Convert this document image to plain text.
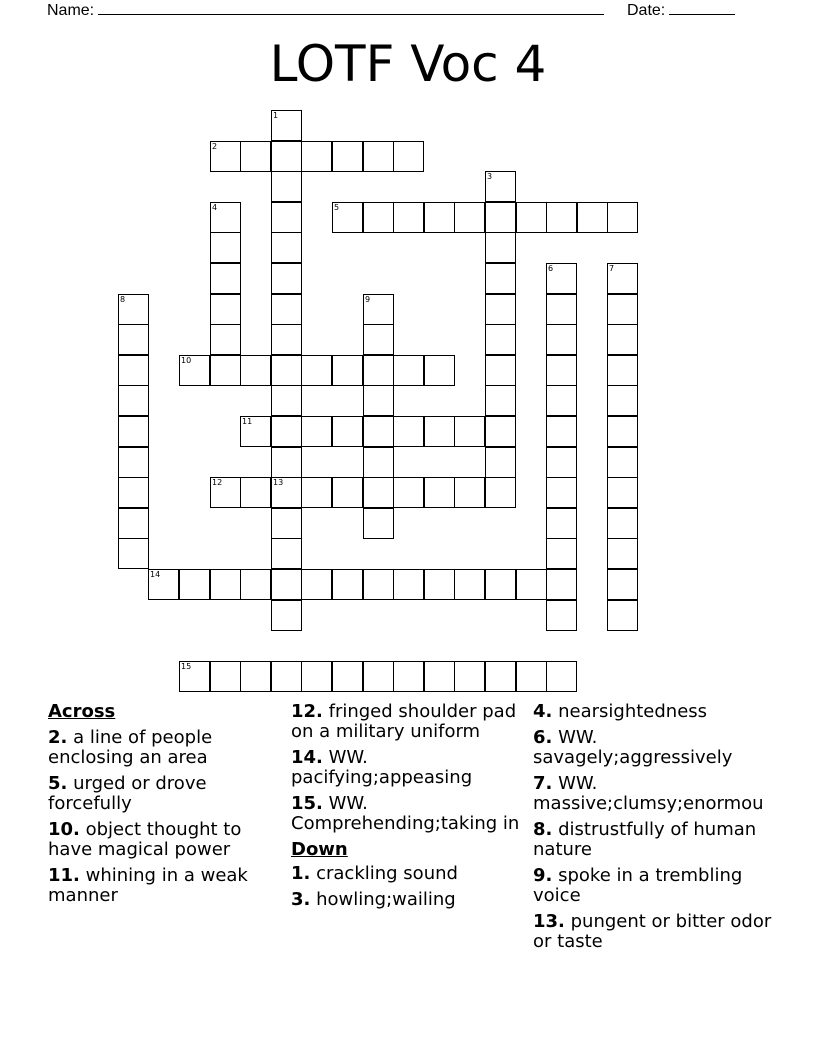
Name:	Date:
LOTF Voc 4
1
13
2
3
4	5
6	7
8	9
10
11
12
14
15
Across
2. a line of people enclosing an area
5. urged or drove forcefully
10. object thought to have magical power
11. whining in a weak manner
12. fringed shoulder pad on a military uniform
14. WW. pacifying;appeasing
15. WW. Comprehending;taking in
Down
1. crackling sound
3. howling;wailing
4. nearsightedness
6. WW. savagely;aggressively
7. WW. massive;clumsy;enormou
8. distrustfully of human nature
9. spoke in a trembling voice
13. pungent or bitter odor or taste
